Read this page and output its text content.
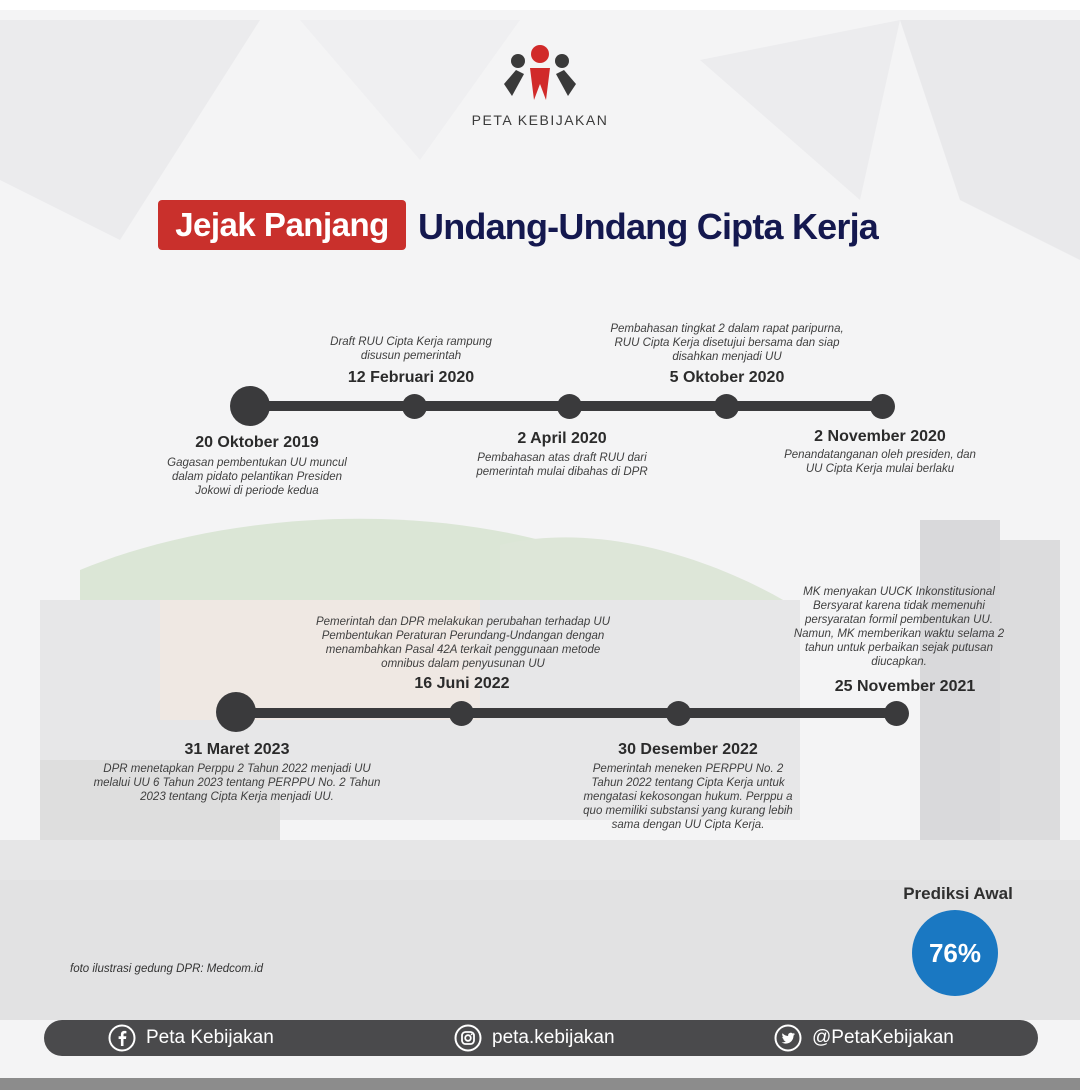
PETA KEBIJAKAN
Jejak Panjang Undang-Undang Cipta Kerja
20 Oktober 2019
Gagasan pembentukan UU muncul dalam pidato pelantikan Presiden Jokowi di periode kedua
Draft RUU Cipta Kerja rampung disusun pemerintah
12 Februari 2020
2 April 2020
Pembahasan atas draft RUU dari pemerintah mulai dibahas di DPR
Pembahasan tingkat 2 dalam rapat paripurna, RUU Cipta Kerja disetujui bersama dan siap disahkan menjadi UU
5 Oktober 2020
2 November 2020
Penandatanganan oleh presiden, dan UU Cipta Kerja mulai berlaku
MK menyakan UUCK Inkonstitusional Bersyarat karena tidak memenuhi persyaratan formil pembentukan UU. Namun, MK memberikan waktu selama 2 tahun untuk perbaikan sejak putusan diucapkan.
25 November 2021
Pemerintah dan DPR melakukan perubahan terhadap UU Pembentukan Peraturan Perundang-Undangan dengan menambahkan Pasal 42A terkait penggunaan metode omnibus dalam penyusunan UU
16 Juni 2022
30 Desember 2022
Pemerintah meneken PERPPU No. 2 Tahun 2022 tentang Cipta Kerja untuk mengatasi kekosongan hukum. Perppu a quo memiliki substansi yang kurang lebih sama dengan UU Cipta Kerja.
31 Maret 2023
DPR menetapkan Perppu 2 Tahun 2022 menjadi UU melalui UU 6 Tahun 2023 tentang PERPPU No. 2 Tahun 2023 tentang Cipta Kerja menjadi UU.
foto ilustrasi gedung DPR: Medcom.id
Prediksi Awal
76%
Peta Kebijakan	peta.kebijakan	@PetaKebijakan
